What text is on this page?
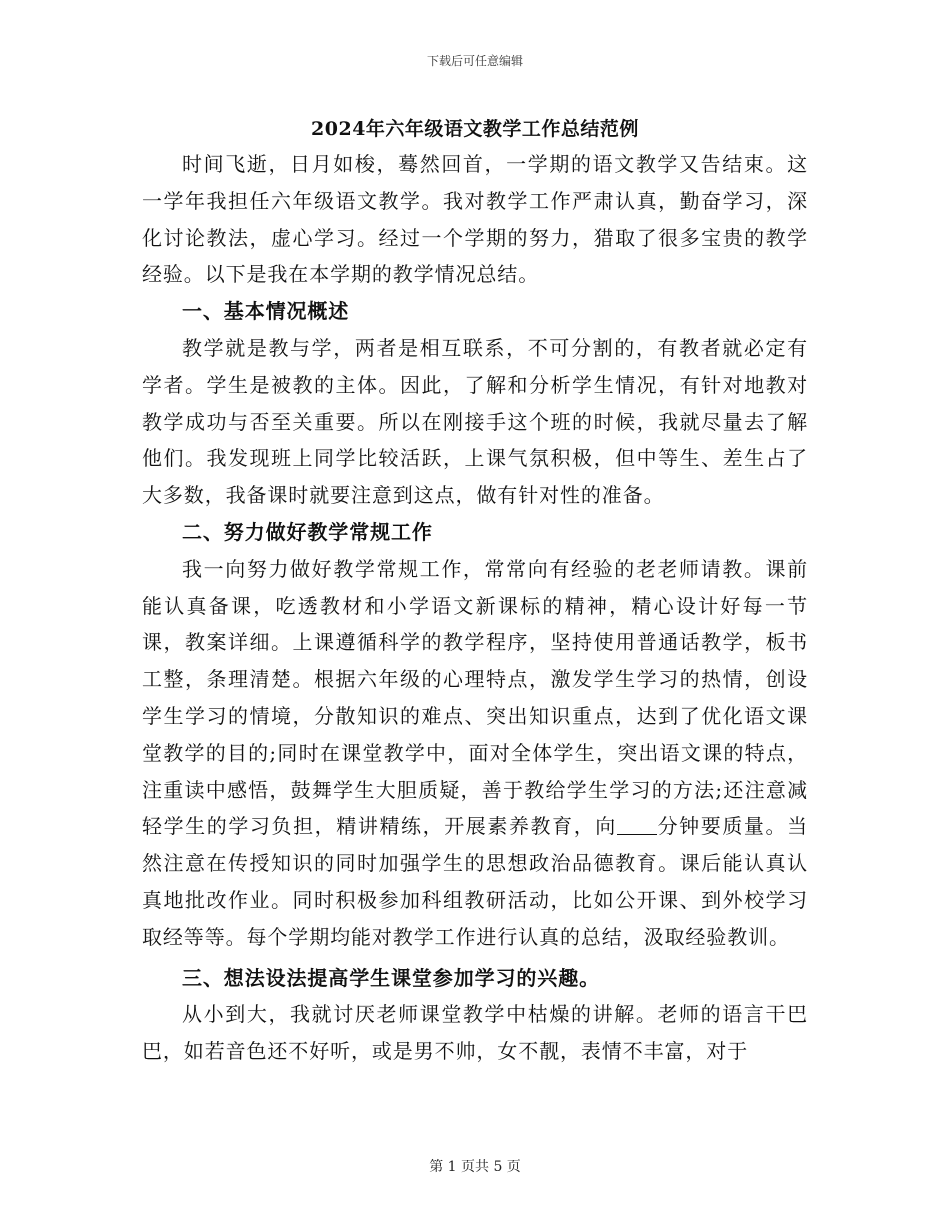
下载后可任意编辑
2024年六年级语文教学工作总结范例

时间飞逝，日月如梭，蓦然回首，一学期的语文教学又告结束。这一学年我担任六年级语文教学。我对教学工作严肃认真，勤奋学习，深化讨论教法，虚心学习。经过一个学期的努力，猎取了很多宝贵的教学经验。以下是我在本学期的教学情况总结。

一、基本情况概述

教学就是教与学，两者是相互联系，不可分割的，有教者就必定有学者。学生是被教的主体。因此，了解和分析学生情况，有针对地教对教学成功与否至关重要。所以在刚接手这个班的时候，我就尽量去了解他们。我发现班上同学比较活跃，上课气氛积极，但中等生、差生占了大多数，我备课时就要注意到这点，做有针对性的准备。

二、努力做好教学常规工作

我一向努力做好教学常规工作，常常向有经验的老老师请教。课前能认真备课，吃透教材和小学语文新课标的精神，精心设计好每一节课，教案详细。上课遵循科学的教学程序，坚持使用普通话教学，板书工整，条理清楚。根据六年级的心理特点，激发学生学习的热情，创设学生学习的情境，分散知识的难点、突出知识重点，达到了优化语文课堂教学的目的;同时在课堂教学中，面对全体学生，突出语文课的特点，注重读中感悟，鼓舞学生大胆质疑，善于教给学生学习的方法;还注意减轻学生的学习负担，精讲精练，开展素养教育，向 分钟要质量。当然注意在传授知识的同时加强学生的思想政治品德教育。课后能认真认真地批改作业。同时积极参加科组教研活动，比如公开课、到外校学习取经等等。每个学期均能对教学工作进行认真的总结，汲取经验教训。

三、想法设法提高学生课堂参加学习的兴趣。

从小到大，我就讨厌老师课堂教学中枯燥的讲解。老师的语言干巴巴，如若音色还不好听，或是男不帅，女不靓，表情不丰富，对于

第 1 页共 5 页
